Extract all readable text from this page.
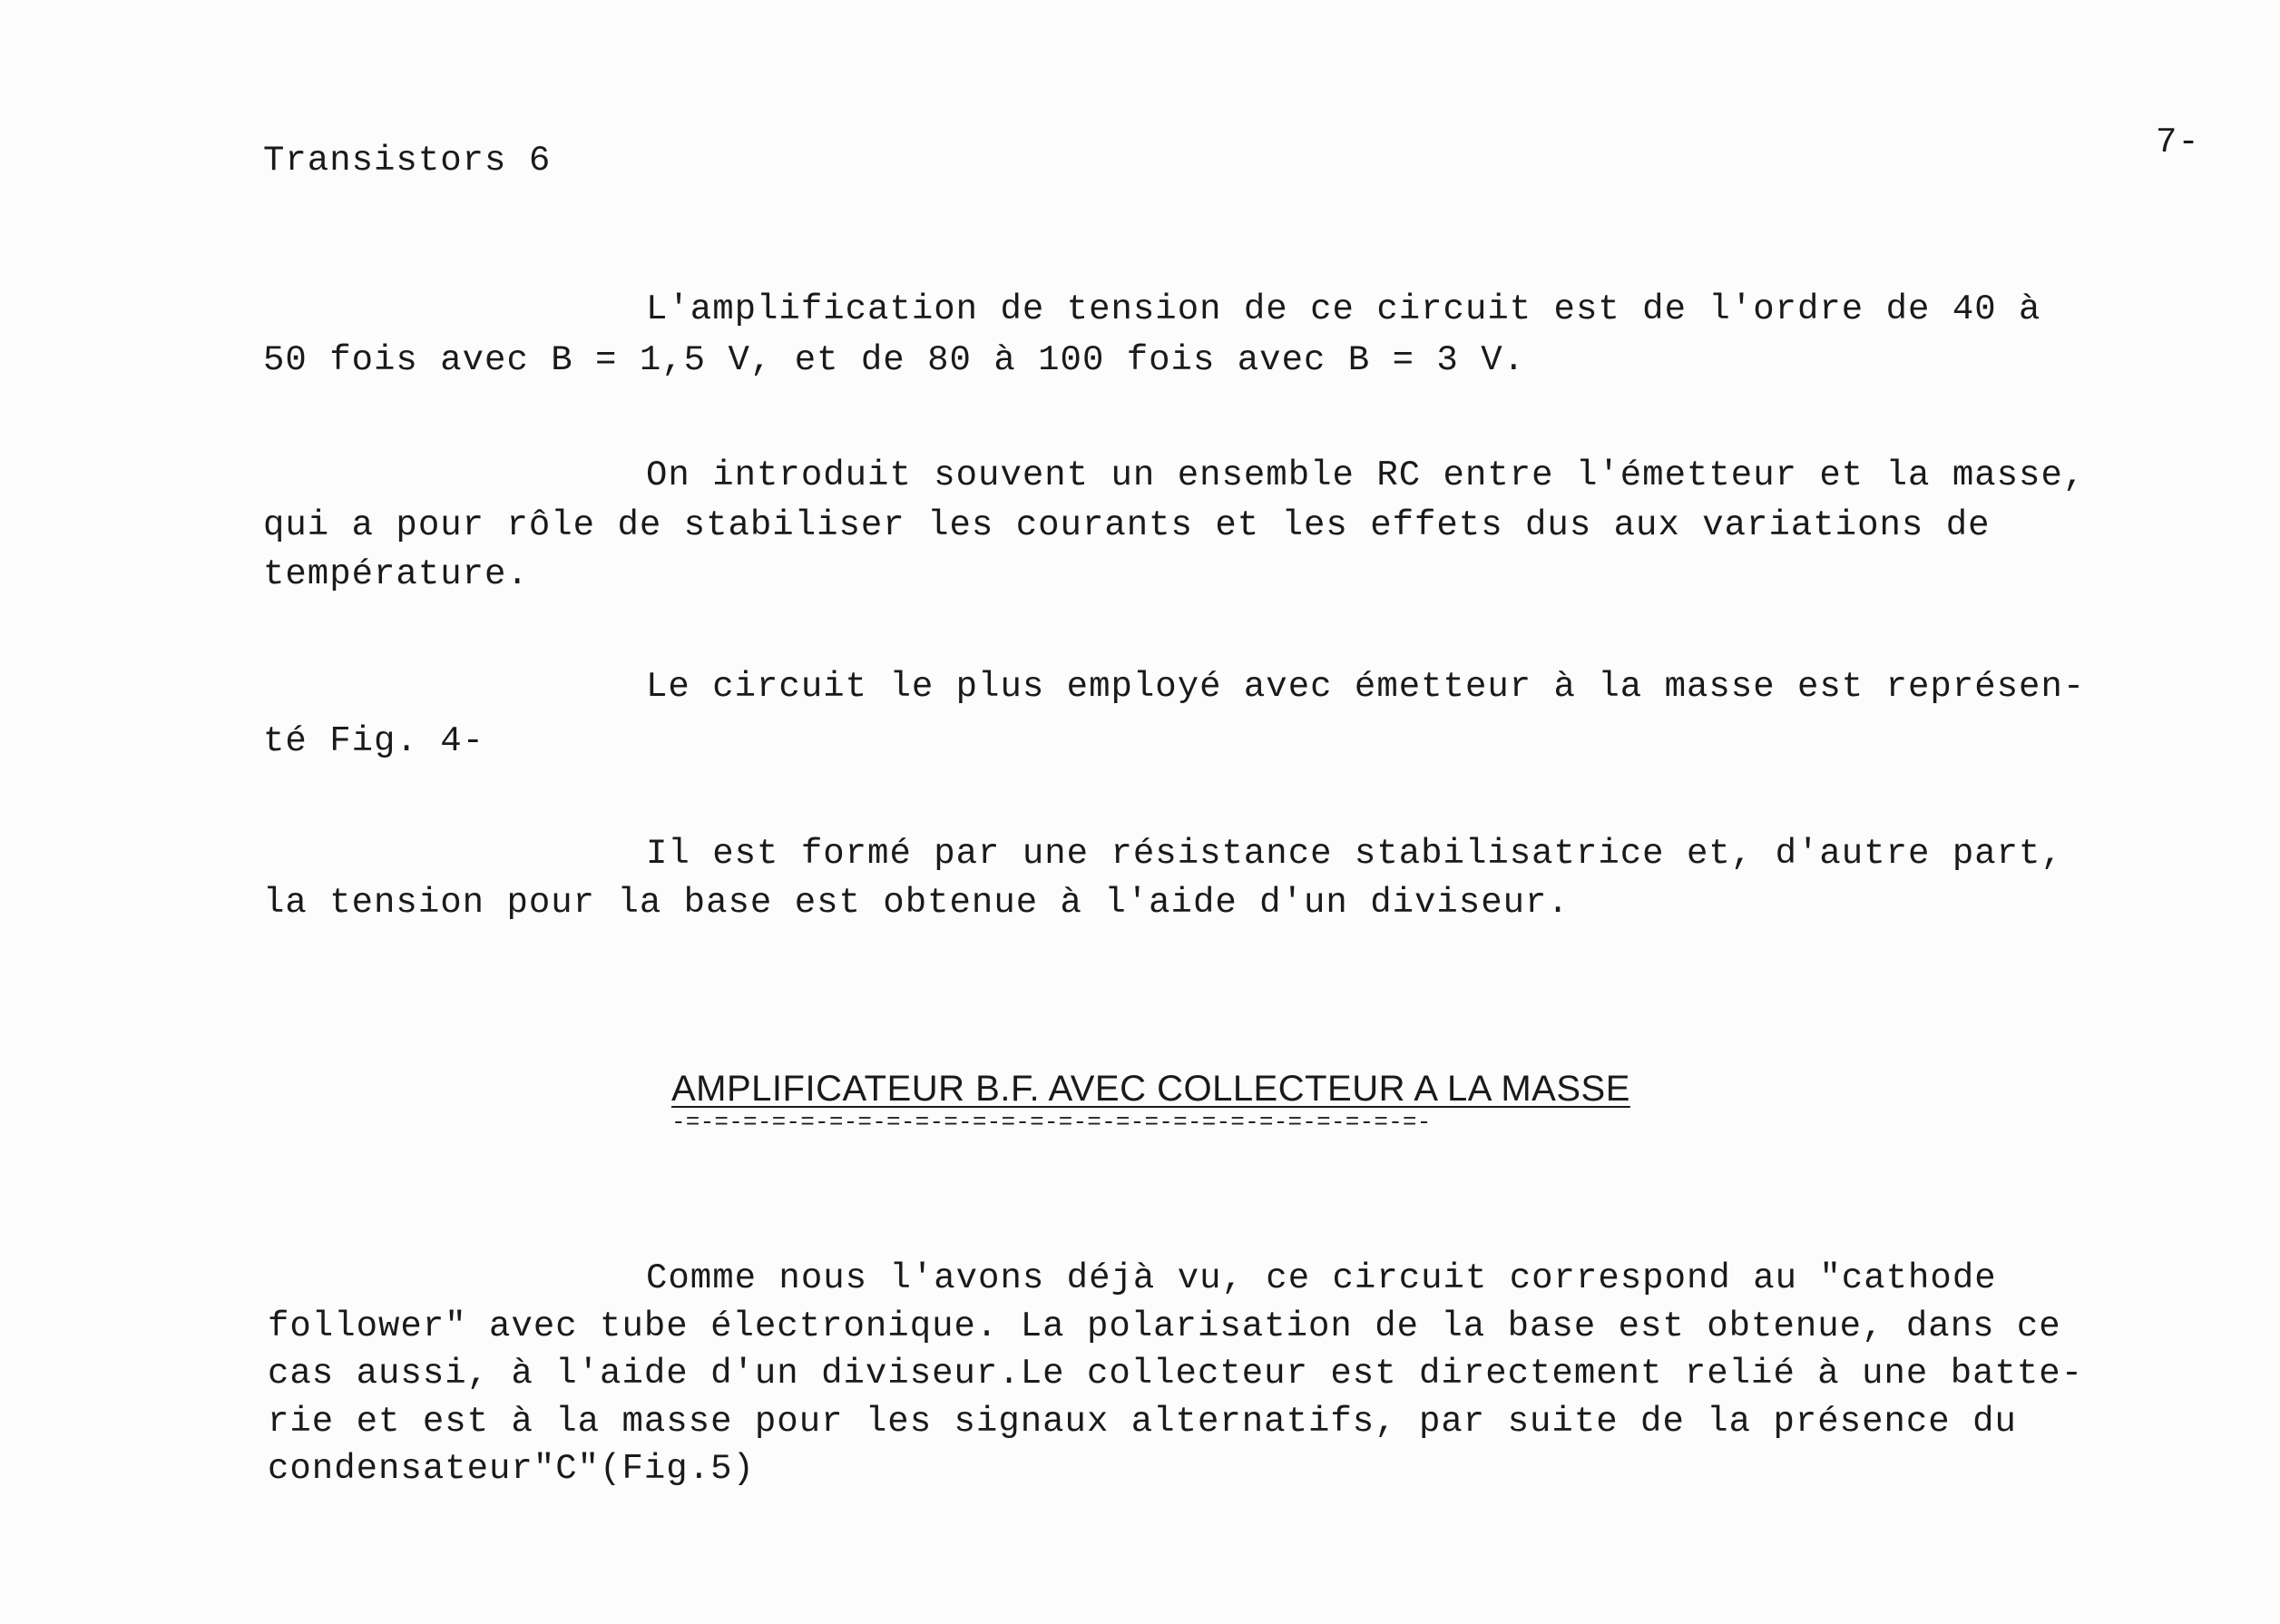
Transistors 6	7-
L'amplification de tension de ce circuit est de l'ordre de 40 à
50 fois avec B = 1,5 V, et de 80 à 100 fois avec B = 3 V.
On introduit souvent un ensemble RC entre l'émetteur et la masse,
qui a pour rôle de stabiliser les courants et les effets dus aux variations de
température.
Le circuit le plus employé avec émetteur à la masse est représen-
té Fig. 4-
Il est formé par une résistance stabilisatrice et, d'autre part,
la tension pour la base est obtenue à l'aide d'un diviseur.
AMPLIFICATEUR B.F. AVEC COLLECTEUR A LA MASSE
-=-=-=-=-=-=-=-=-=-=-=-=-=-=-=-=-=-=-=-=-=-=-=-=-=-=-
Comme nous l'avons déjà vu, ce circuit correspond au "cathode
follower" avec tube électronique. La polarisation de la base est obtenue, dans ce
cas aussi, à l'aide d'un diviseur.Le collecteur est directement relié à une batte-
rie et est à la masse pour les signaux alternatifs, par suite de la présence du
condensateur"C"(Fig.5)
